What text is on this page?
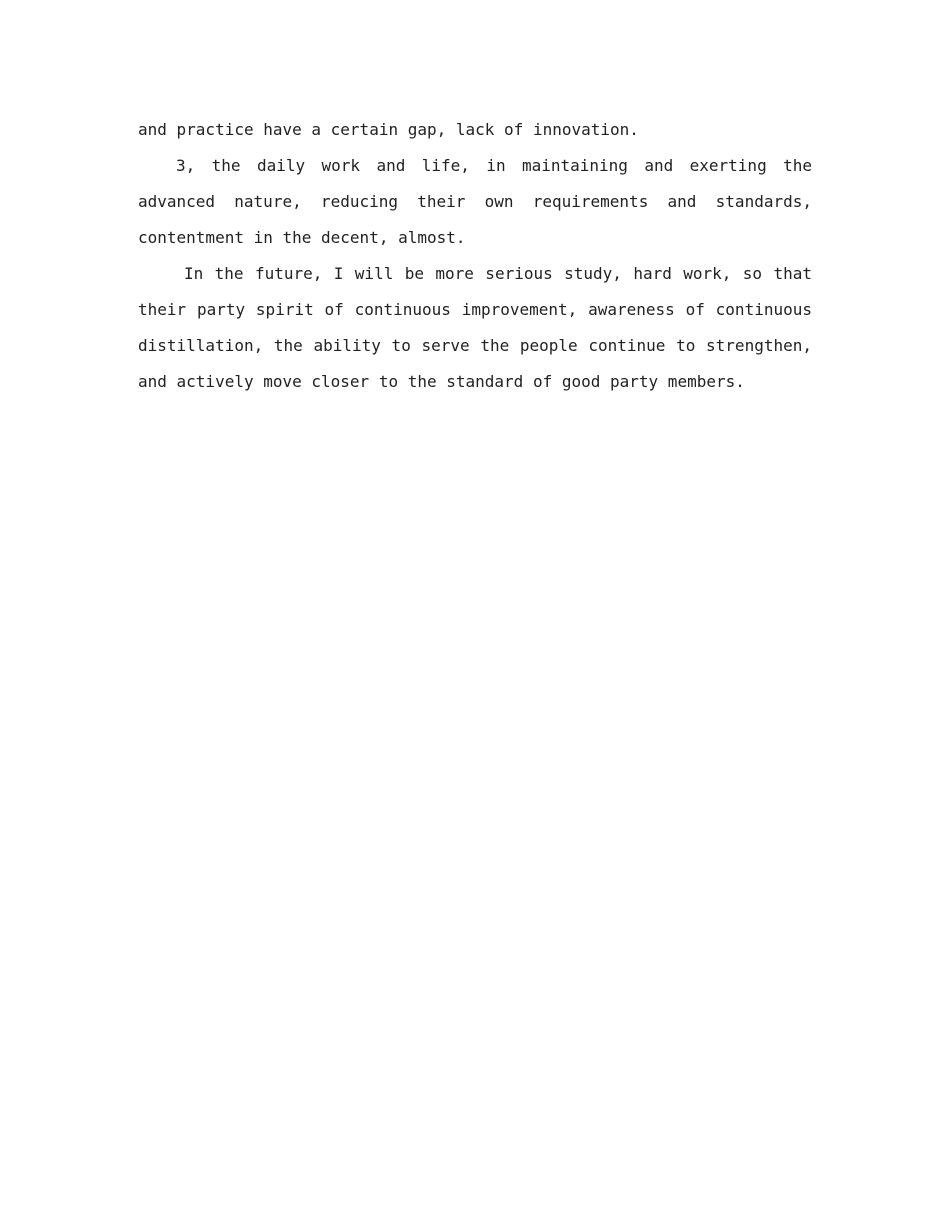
and practice have a certain gap, lack of innovation.

3, the daily work and life, in maintaining and exerting the advanced nature, reducing their own requirements and standards, contentment in the decent, almost.

In the future, I will be more serious study, hard work, so that their party spirit of continuous improvement, awareness of continuous distillation, the ability to serve the people continue to strengthen, and actively move closer to the standard of good party members.
